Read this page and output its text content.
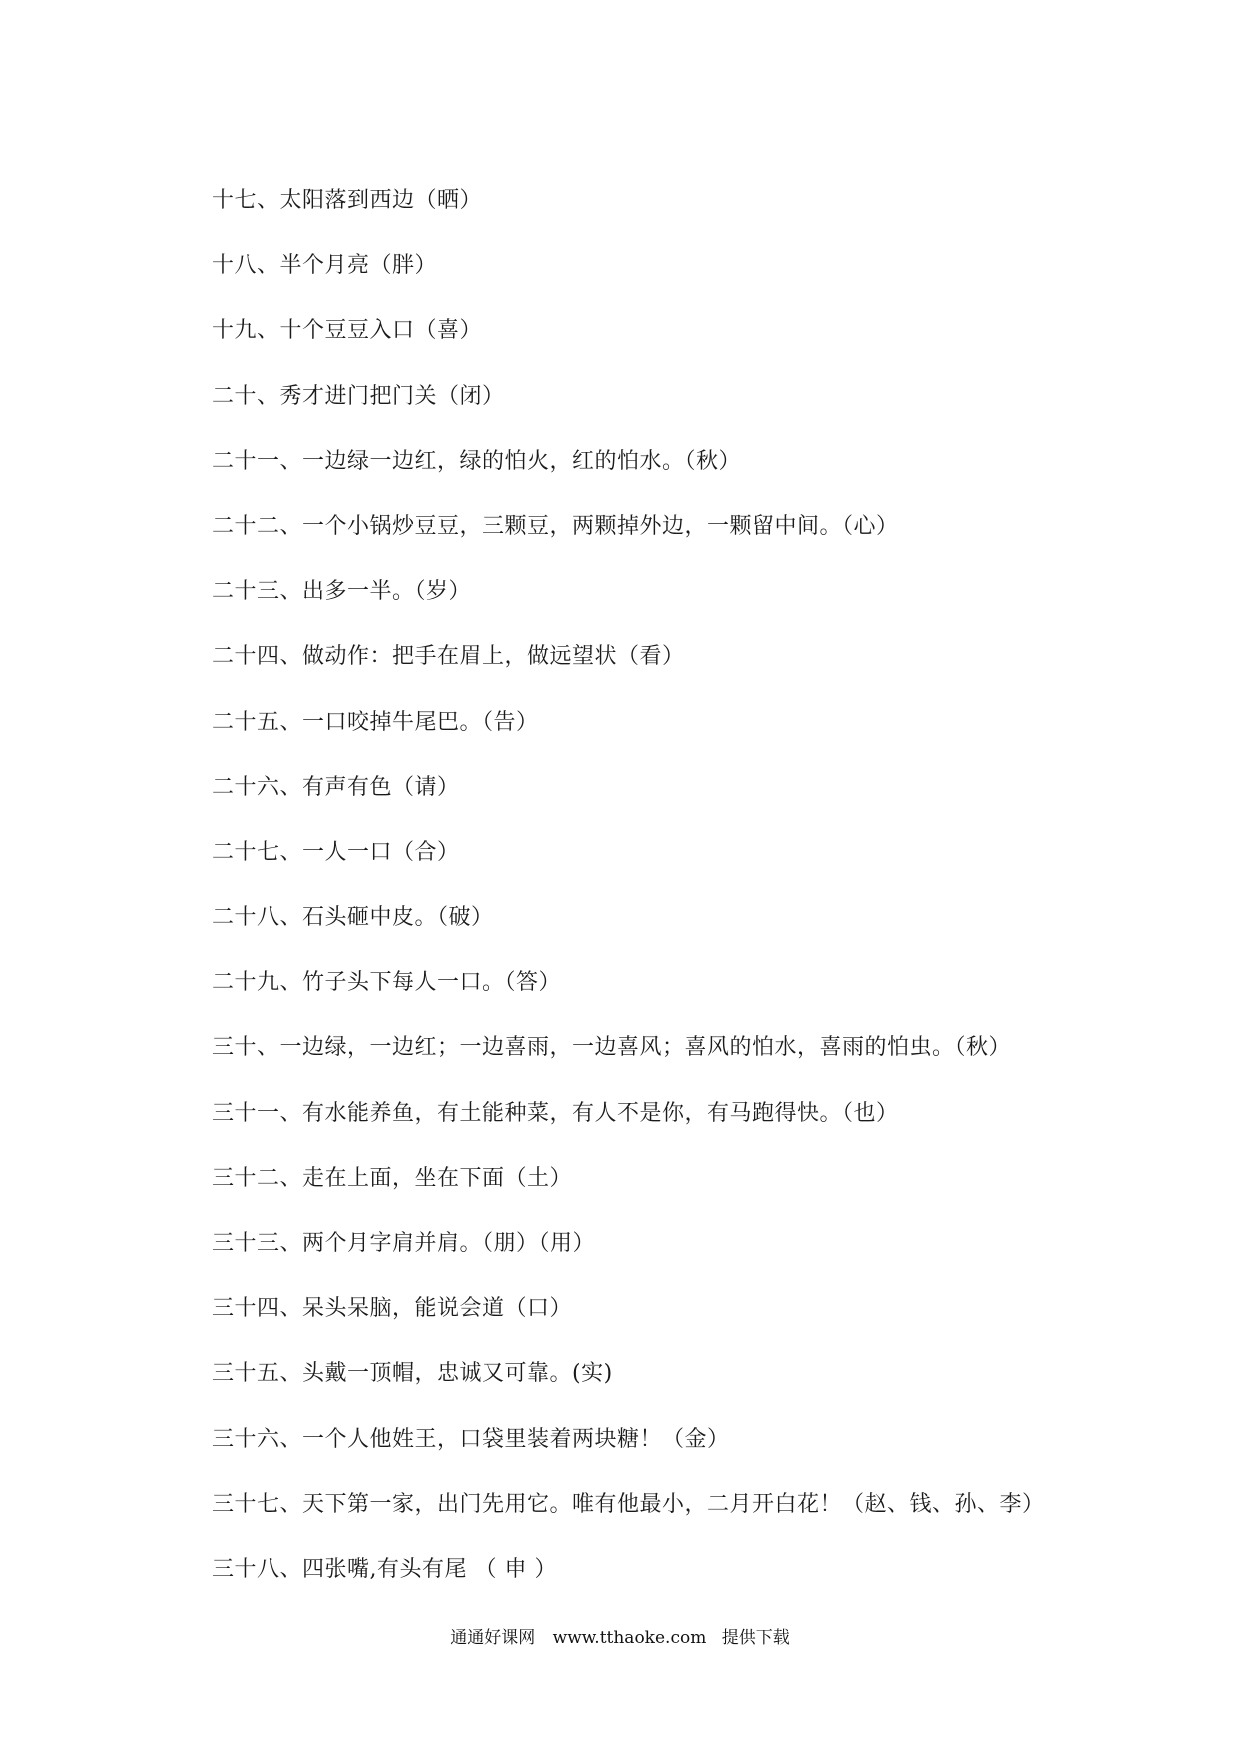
十七、太阳落到西边（晒）
十八、半个月亮（胖）
十九、十个豆豆入口（喜）
二十、秀才进门把门关（闭）
二十一、一边绿一边红，绿的怕火，红的怕水。（秋）
二十二、一个小锅炒豆豆，三颗豆，两颗掉外边，一颗留中间。（心）
二十三、出多一半。（岁）
二十四、做动作：把手在眉上，做远望状（看）
二十五、一口咬掉牛尾巴。（告）
二十六、有声有色（请）
二十七、一人一口（合）
二十八、石头砸中皮。（破）
二十九、竹子头下每人一口。（答）
三十、一边绿，一边红；一边喜雨，一边喜风；喜风的怕水，喜雨的怕虫。（秋）
三十一、有水能养鱼，有土能种菜，有人不是你，有马跑得快。（也）
三十二、走在上面，坐在下面（土）
三十三、两个月字肩并肩。（朋）（用）
三十四、呆头呆脑，能说会道（口）
三十五、头戴一顶帽，忠诚又可靠。(实)
三十六、一个人他姓王，口袋里装着两块糖！（金）
三十七、天下第一家，出门先用它。唯有他最小，二月开白花！（赵、钱、孙、李）
三十八、四张嘴,有头有尾 （ 申 ）
通通好课网 www.tthaoke.com 提供下载
